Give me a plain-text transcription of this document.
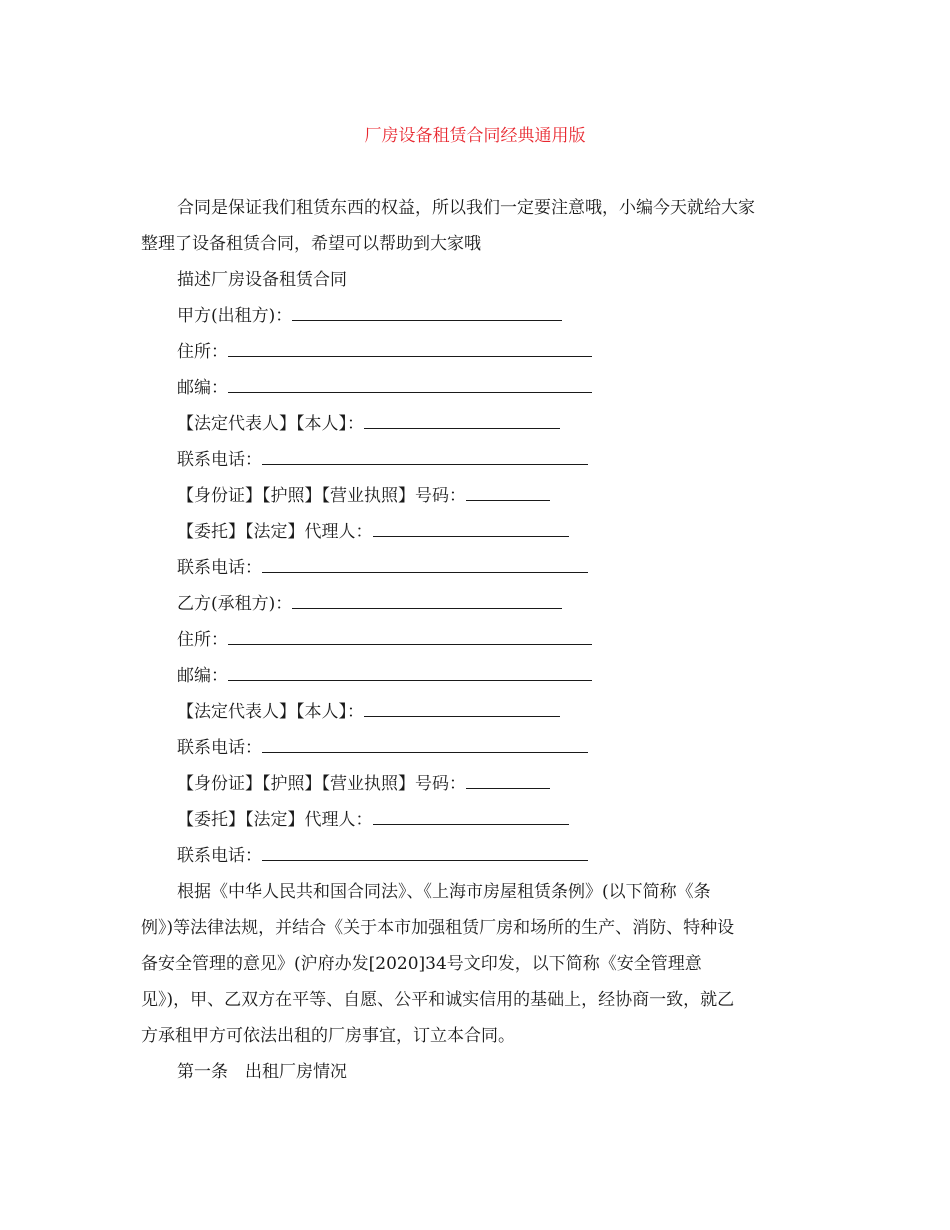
厂房设备租赁合同经典通用版
合同是保证我们租赁东西的权益，所以我们一定要注意哦，小编今天就给大家
整理了设备租赁合同，希望可以帮助到大家哦
描述厂房设备租赁合同
甲方(出租方)：
住所：
邮编：
【法定代表人】【本人】：
联系电话：
【身份证】【护照】【营业执照】号码：
【委托】【法定】代理人：
联系电话：
乙方(承租方)：
住所：
邮编：
【法定代表人】【本人】：
联系电话：
【身份证】【护照】【营业执照】号码：
【委托】【法定】代理人：
联系电话：
根据《中华人民共和国合同法》、《上海市房屋租赁条例》(以下简称《条
例》)等法律法规，并结合《关于本市加强租赁厂房和场所的生产、消防、特种设
备安全管理的意见》(沪府办发[2020]34号文印发，以下简称《安全管理意
见》)，甲、乙双方在平等、自愿、公平和诚实信用的基础上，经协商一致，就乙
方承租甲方可依法出租的厂房事宜，订立本合同。
第一条　出租厂房情况
